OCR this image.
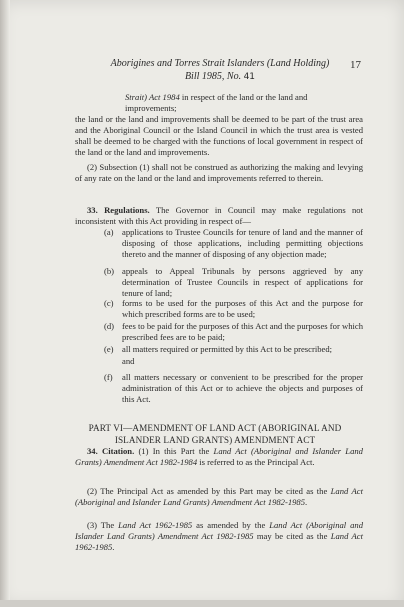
Aborigines and Torres Strait Islanders (Land Holding)	17
Bill 1985, No. 41
Strait) Act 1984 in respect of the land or the land and
improvements;
the land or the land and improvements shall be deemed to be part of the trust area and the Aboriginal Council or the Island Council in which the trust area is vested shall be deemed to be charged with the functions of local government in respect of the land or the land and improvements.
(2) Subsection (1) shall not be construed as authorizing the making and levying of any rate on the land or the land and improvements referred to therein.
33. Regulations. The Governor in Council may make regulations not inconsistent with this Act providing in respect of—
(a) applications to Trustee Councils for tenure of land and the manner of disposing of those applications, including permitting objections thereto and the manner of disposing of any objection made;
(b) appeals to Appeal Tribunals by persons aggrieved by any determination of Trustee Councils in respect of applications for tenure of land;
(c) forms to be used for the purposes of this Act and the purpose for which prescribed forms are to be used;
(d) fees to be paid for the purposes of this Act and the purposes for which prescribed fees are to be paid;
(e) all matters required or permitted by this Act to be prescribed;
and
(f) all matters necessary or convenient to be prescribed for the proper administration of this Act or to achieve the objects and purposes of this Act.
PART VI—AMENDMENT OF LAND ACT (ABORIGINAL AND
ISLANDER LAND GRANTS) AMENDMENT ACT
34. Citation. (1) In this Part the Land Act (Aboriginal and Islander Land Grants) Amendment Act 1982-1984 is referred to as the Principal Act.
(2) The Principal Act as amended by this Part may be cited as the Land Act (Aboriginal and Islander Land Grants) Amendment Act 1982-1985.
(3) The Land Act 1962-1985 as amended by the Land Act (Aboriginal and Islander Land Grants) Amendment Act 1982-1985 may be cited as the Land Act 1962-1985.
